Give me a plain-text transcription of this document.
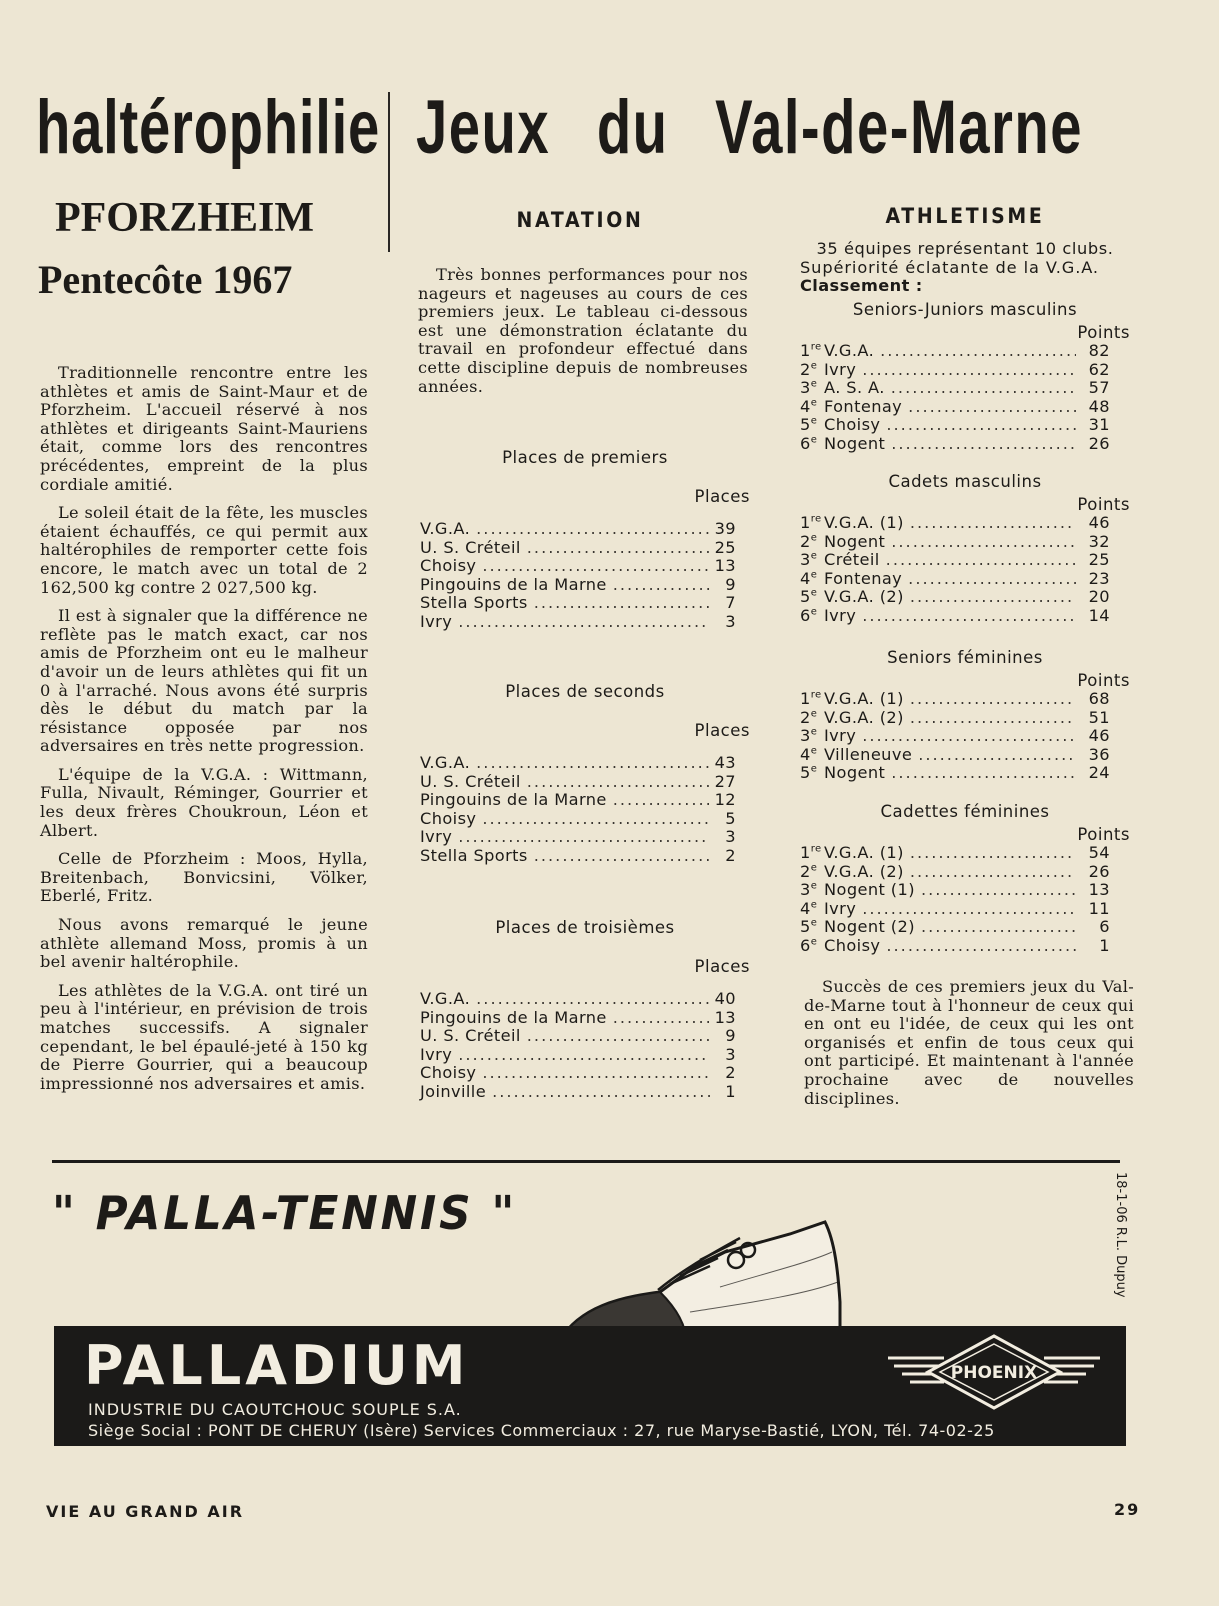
haltérophilie Jeux du Val-de-Marne
PFORZHEIM
Pentecôte 1967

Traditionnelle rencontre entre les athlètes et amis de Saint-Maur et de Pforzheim. L'accueil réservé à nos athlètes et dirigeants Saint-Mauriens était, comme lors des rencontres précédentes, empreint de la plus cordiale amitié.

Le soleil était de la fête, les muscles étaient échauffés, ce qui permit aux haltérophiles de remporter cette fois encore, le match avec un total de 2 162,500 kg contre 2 027,500 kg.

Il est à signaler que la différence ne reflète pas le match exact, car nos amis de Pforzheim ont eu le malheur d'avoir un de leurs athlètes qui fit un 0 à l'arraché. Nous avons été surpris dès le début du match par la résistance opposée par nos adversaires en très nette progression.

L'équipe de la V.G.A. : Wittmann, Fulla, Nivault, Réminger, Gourrier et les deux frères Choukroun, Léon et Albert.

Celle de Pforzheim : Moos, Hylla, Breitenbach, Bonvicsini, Völker, Eberlé, Fritz.

Nous avons remarqué le jeune athlète allemand Moss, promis à un bel avenir haltérophile.

Les athlètes de la V.G.A. ont tiré un peu à l'intérieur, en prévision de trois matches successifs. A signaler cependant, le bel épaulé-jeté à 150 kg de Pierre Gourrier, qui a beaucoup impressionné nos adversaires et amis.

NATATION

Très bonnes performances pour nos nageurs et nageuses au cours de ces premiers jeux. Le tableau ci-dessous est une démonstration éclatante du travail en profondeur effectué dans cette discipline depuis de nombreuses années.

Places de premiers
Places
V.G.A. .....	39
U. S. Créteil .....	25
Choisy .....	13
Pingouins de la Marne .....	9
Stella Sports .....	7
Ivry .....	3
Places de seconds
Places
V.G.A. .....	43
U. S. Créteil .....	27
Pingouins de la Marne .....	12
Choisy .....	5
Ivry .....	3
Stella Sports .....	2
Places de troisièmes
Places
V.G.A. .....	40
Pingouins de la Marne .....	13
U. S. Créteil .....	9
Ivry .....	3
Choisy .....	2
Joinville .....	1
ATHLETISME
35 équipes représentant 10 clubs.
Supériorité éclatante de la V.G.A.
Classement :
Seniors-Juniors masculins
Points
1re V.G.A. .....	82
2e Ivry .....	62
3e A. S. A. .....	57
4e Fontenay .....	48
5e Choisy .....	31
6e Nogent .....	26
Cadets masculins
Points
1re V.G.A. (1) .....	46
2e Nogent .....	32
3e Créteil .....	25
4e Fontenay .....	23
5e V.G.A. (2) .....	20
6e Ivry .....	14
Seniors féminines
Points
1re V.G.A. (1) .....	68
2e V.G.A. (2) .....	51
3e Ivry .....	46
4e Villeneuve .....	36
5e Nogent .....	24
Cadettes féminines
Points
1re V.G.A. (1) .....	54
2e V.G.A. (2) .....	26
3e Nogent (1) .....	13
4e Ivry .....	11
5e Nogent (2) .....	6
6e Choisy .....	1

Succès de ces premiers jeux du Val-de-Marne tout à l'honneur de ceux qui en ont eu l'idée, de ceux qui les ont organisés et enfin de tous ceux qui ont participé. Et maintenant à l'année prochaine avec de nouvelles disciplines.

" PALLA-TENNIS "	18-1-06 R.L. Dupuy
PALLADIUM
INDUSTRIE DU CAOUTCHOUC SOUPLE S.A.
Siège Social : PONT DE CHERUY (Isère) Services Commerciaux : 27, rue Maryse-Bastié, LYON, Tél. 74-02-25
PHOENIX
VIE AU GRAND AIR	29
